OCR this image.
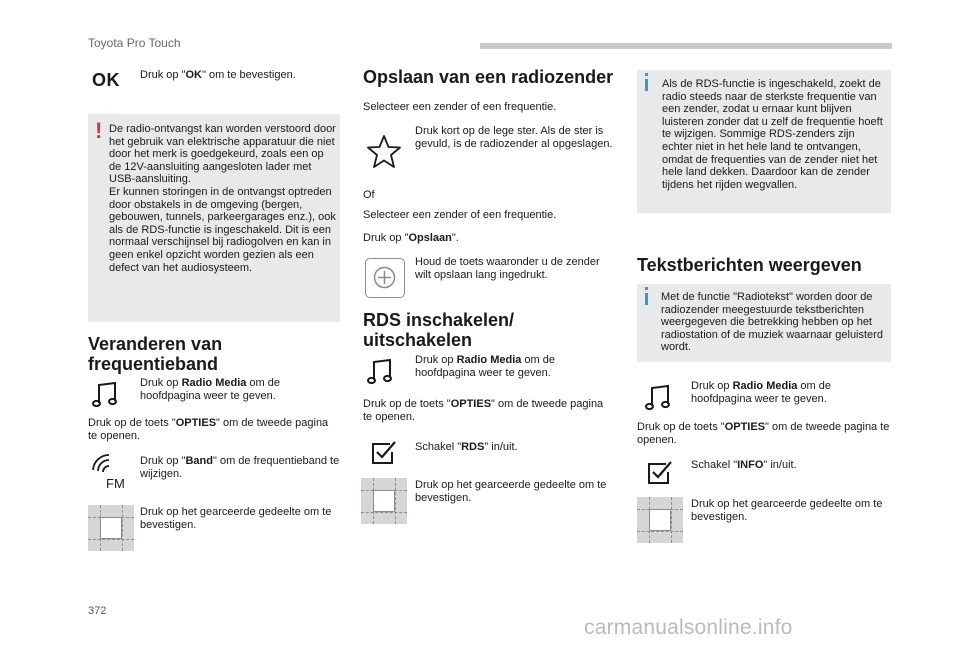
Toyota Pro Touch
OK Druk op "OK" om te bevestigen.
! De radio-ontvangst kan worden verstoord door het gebruik van elektrische apparatuur die niet door het merk is goedgekeurd, zoals een op de 12V-aansluiting aangesloten lader met USB-aansluiting.
Er kunnen storingen in de ontvangst optreden door obstakels in de omgeving (bergen, gebouwen, tunnels, parkeergarages enz.), ook als de RDS-functie is ingeschakeld. Dit is een normaal verschijnsel bij radiogolven en kan in geen enkel opzicht worden gezien als een defect van het audiosysteem.
Veranderen van frequentieband
Druk op Radio Media om de hoofdpagina weer te geven.
Druk op de toets "OPTIES" om de tweede pagina te openen.
FM
Druk op "Band" om de frequentieband te wijzigen.
Druk op het gearceerde gedeelte om te bevestigen.
Opslaan van een radiozender
Selecteer een zender of een frequentie.
Druk kort op de lege ster. Als de ster is gevuld, is de radiozender al opgeslagen.
Of
Selecteer een zender of een frequentie.
Druk op "Opslaan".
Houd de toets waaronder u de zender wilt opslaan lang ingedrukt.
RDS inschakelen/ uitschakelen
Druk op Radio Media om de hoofdpagina weer te geven.
Druk op de toets "OPTIES" om de tweede pagina te openen.
Schakel "RDS" in/uit.
Druk op het gearceerde gedeelte om te bevestigen.
Als de RDS-functie is ingeschakeld, zoekt de radio steeds naar de sterkste frequentie van een zender, zodat u ernaar kunt blijven luisteren zonder dat u zelf de frequentie hoeft te wijzigen. Sommige RDS-zenders zijn echter niet in het hele land te ontvangen, omdat de frequenties van de zender niet het hele land dekken. Daardoor kan de zender tijdens het rijden wegvallen.
Tekstberichten weergeven
Met de functie "Radiotekst" worden door de radiozender meegestuurde tekstberichten weergegeven die betrekking hebben op het radiostation of de muziek waarnaar geluisterd wordt.
Druk op Radio Media om de hoofdpagina weer te geven.
Druk op de toets "OPTIES" om de tweede pagina te openen.
Schakel "INFO" in/uit.
Druk op het gearceerde gedeelte om te bevestigen.
372
carmanualsonline.info
